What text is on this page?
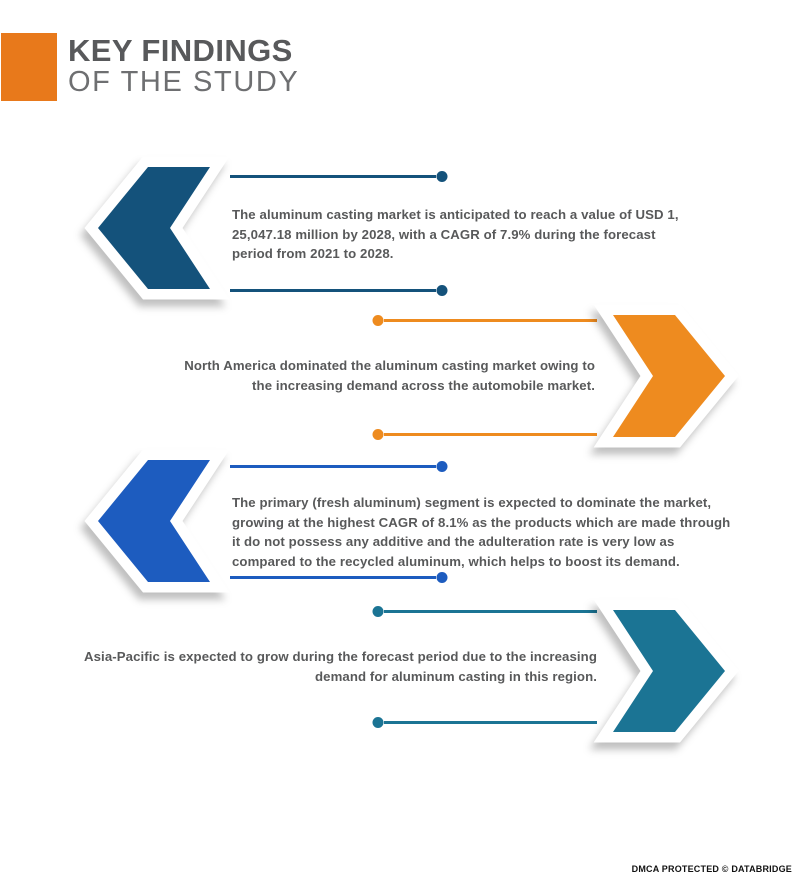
KEY FINDINGS
OF THE STUDY
The aluminum casting market is anticipated to reach a value of USD 1,
25,047.18 million by 2028, with a CAGR of 7.9% during the forecast
period from 2021 to 2028.
North America dominated the aluminum casting market owing to
the increasing demand across the automobile market.
The primary (fresh aluminum) segment is expected to dominate the market,
growing at the highest CAGR of 8.1% as the products which are made through
it do not possess any additive and the adulteration rate is very low as
compared to the recycled aluminum, which helps to boost its demand.
Asia-Pacific is expected to grow during the forecast period due to the increasing
demand for aluminum casting in this region.
DMCA PROTECTED © DATABRIDGE
